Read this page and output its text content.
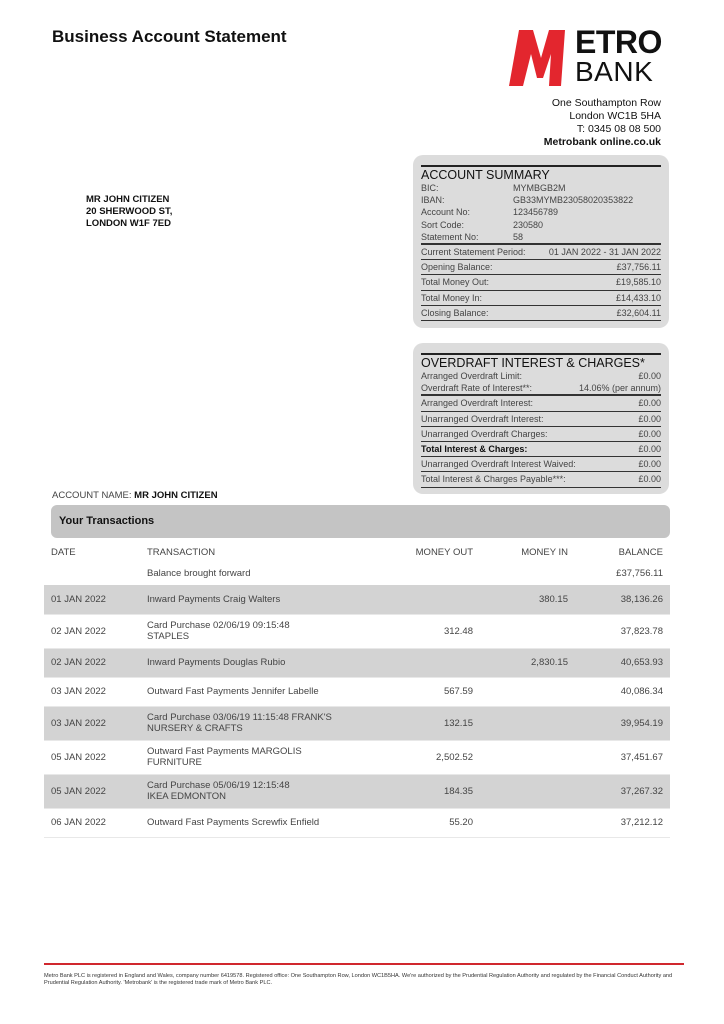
Business Account Statement	ETRO
BANK
One Southampton Row
London WC1B 5HA
T: 0345 08 08 500
Metrobank online.co.uk
MR JOHN CITIZEN
20 SHERWOOD ST,
LONDON W1F 7ED
ACCOUNT SUMMARY
BIC:	MYMBGB2M
IBAN:	GB33MYMB23058020353822
Account No:	123456789
Sort Code:	230580
Statement No:	58
Current Statement Period:	01 JAN 2022 - 31 JAN 2022
Opening Balance:	£37,756.11
Total Money Out:	£19,585.10
Total Money In:	£14,433.10
Closing Balance:	£32,604.11
OVERDRAFT INTEREST & CHARGES*
Arranged Overdraft Limit:	£0.00
Overdraft Rate of Interest**:	14.06% (per annum)
Arranged Overdraft Interest:	£0.00
Unarranged Overdraft Interest:	£0.00
Unarranged Overdraft Charges:	£0.00
Total Interest & Charges:	£0.00
Unarranged Overdraft Interest Waived:	£0.00
Total Interest & Charges Payable***:	£0.00
ACCOUNT NAME: MR JOHN CITIZEN
Your Transactions
DATE	TRANSACTION	MONEY OUT	MONEY IN	BALANCE
	Balance brought forward			£37,756.11
01 JAN 2022	Inward Payments Craig Walters		380.15	38,136.26
02 JAN 2022	Card Purchase 02/06/19 09:15:48
STAPLES	312.48		37,823.78
02 JAN 2022	Inward Payments Douglas Rubio		2,830.15	40,653.93
03 JAN 2022	Outward Fast Payments Jennifer Labelle	567.59		40,086.34
03 JAN 2022	Card Purchase 03/06/19 11:15:48 FRANK'S
NURSERY & CRAFTS	132.15		39,954.19
05 JAN 2022	Outward Fast Payments MARGOLIS
FURNITURE	2,502.52		37,451.67
05 JAN 2022	Card Purchase 05/06/19 12:15:48
IKEA EDMONTON	184.35		37,267.32
06 JAN 2022	Outward Fast Payments Screwfix Enfield	55.20		37,212.12
Metro Bank PLC is registered in England and Wales, company number 6419578. Registered office: One Southampton Row, London WC1B5HA. We're authorized by the Prudential Regulation Authority and regulated by the Financial Conduct Authority and Prudential Regulation Authority. 'Metrobank' is the registered trade mark of Metro Bank PLC.
